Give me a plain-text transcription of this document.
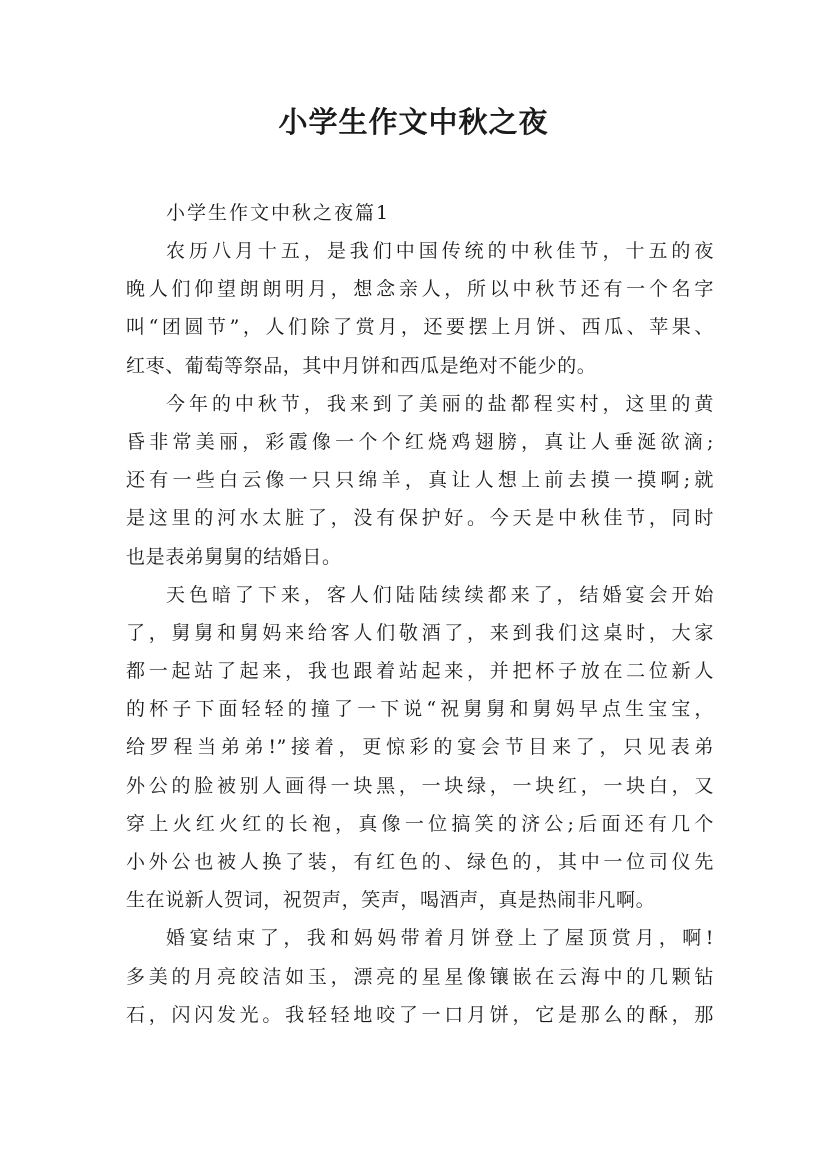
小学生作文中秋之夜

小学生作文中秋之夜篇1

农历八月十五，是我们中国传统的中秋佳节，十五的夜
晚人们仰望朗朗明月，想念亲人，所以中秋节还有一个名字
叫“团圆节”，人们除了赏月，还要摆上月饼、西瓜、苹果、
红枣、葡萄等祭品，其中月饼和西瓜是绝对不能少的。

今年的中秋节，我来到了美丽的盐都程实村，这里的黄
昏非常美丽，彩霞像一个个红烧鸡翅膀，真让人垂涎欲滴;
还有一些白云像一只只绵羊，真让人想上前去摸一摸啊;就
是这里的河水太脏了，没有保护好。今天是中秋佳节，同时
也是表弟舅舅的结婚日。

天色暗了下来，客人们陆陆续续都来了，结婚宴会开始
了，舅舅和舅妈来给客人们敬酒了，来到我们这桌时，大家
都一起站了起来，我也跟着站起来，并把杯子放在二位新人
的杯子下面轻轻的撞了一下说“祝舅舅和舅妈早点生宝宝，
给罗程当弟弟!”接着，更惊彩的宴会节目来了，只见表弟
外公的脸被别人画得一块黑，一块绿，一块红，一块白，又
穿上火红火红的长袍，真像一位搞笑的济公;后面还有几个
小外公也被人换了装，有红色的、绿色的，其中一位司仪先
生在说新人贺词，祝贺声，笑声，喝酒声，真是热闹非凡啊。

婚宴结束了，我和妈妈带着月饼登上了屋顶赏月，啊!
多美的月亮皎洁如玉，漂亮的星星像镶嵌在云海中的几颗钻
石，闪闪发光。我轻轻地咬了一口月饼，它是那么的酥，那
